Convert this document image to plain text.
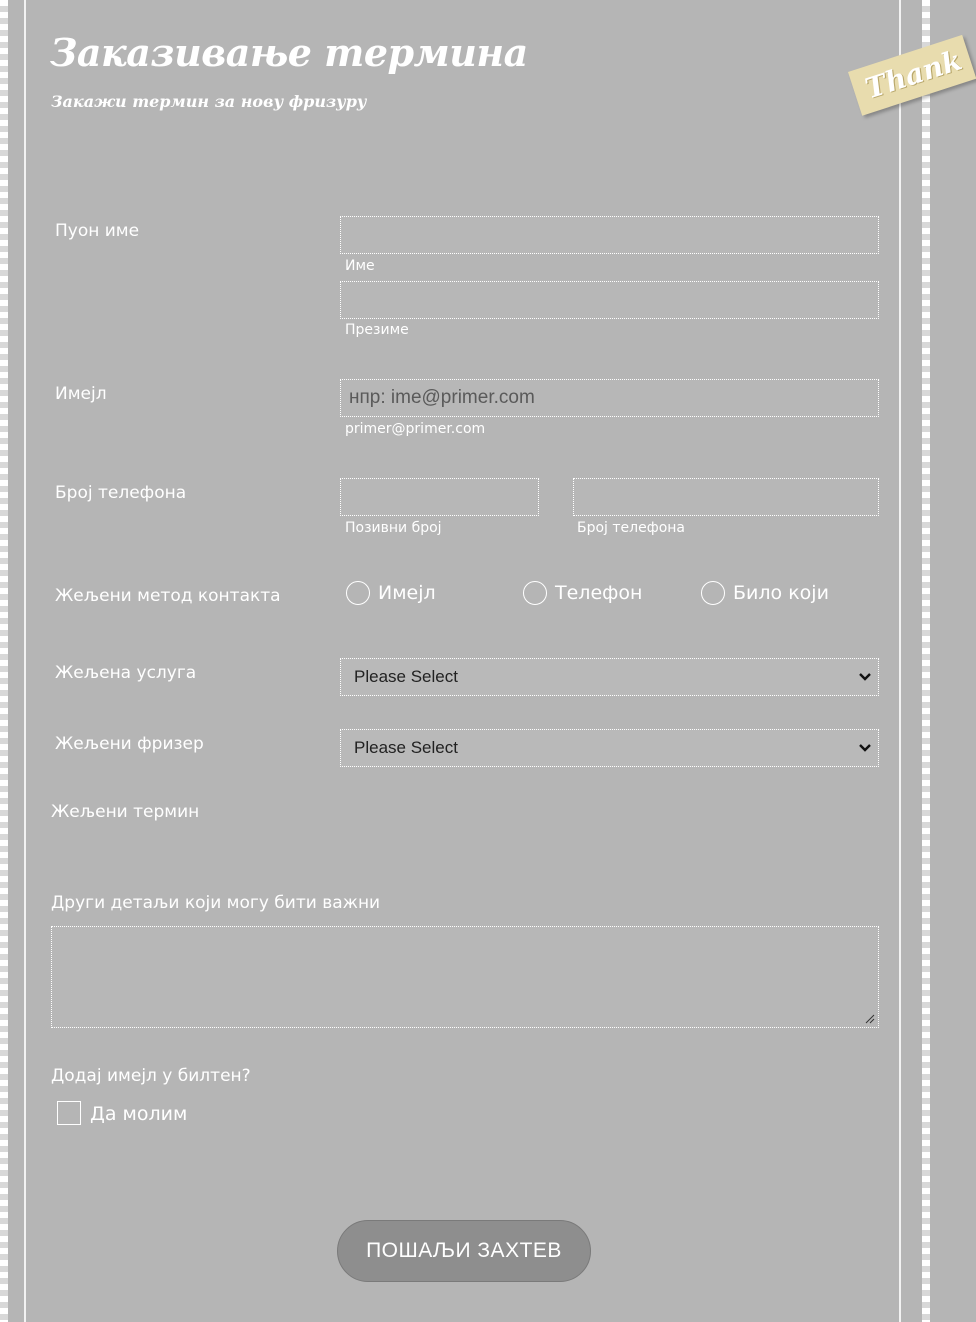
Заказивање термина
Закажи термин за нову фризуру	Thank
Пуон име
Име
Презиме
Имејл
нпр: ime@primer.com
primer@primer.com
Број телефона
Позивни број	Број телефона
Жељени метод контакта	Имејл	Телефон	Било који
Жељена услуга	Please Select
Жељени фризер	Please Select
Жељени термин
Други детаљи који могу бити важни
Додај имејл у билтен?
Да молим
ПОШАЉИ ЗАХТЕВ
